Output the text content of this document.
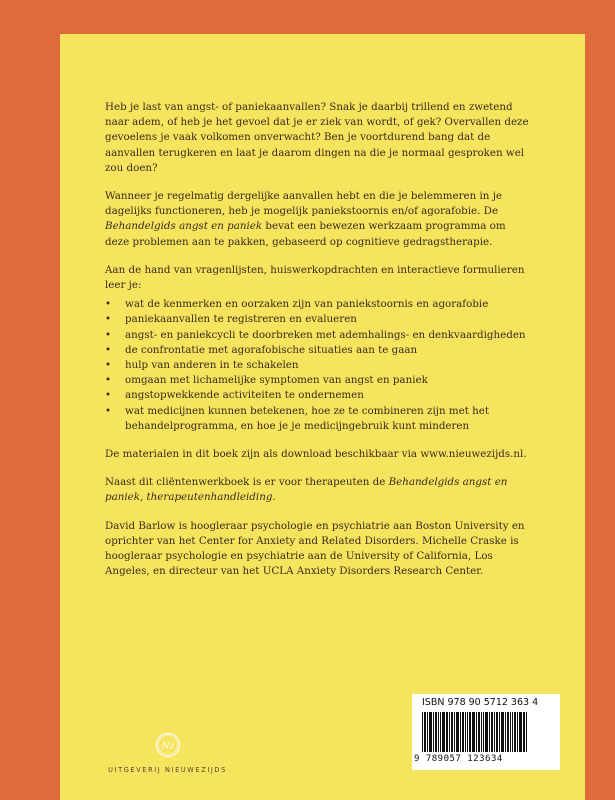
Heb je last van angst- of paniekaanvallen? Snak je daarbij trillend en zwetend naar adem, of heb je het gevoel dat je er ziek van wordt, of gek? Overvallen deze gevoelens je vaak volkomen onverwacht? Ben je voortdurend bang dat de aanvallen terugkeren en laat je daarom dingen na die je normaal gesproken wel zou doen?

Wanneer je regelmatig dergelijke aanvallen hebt en die je belemmeren in je dagelijks functioneren, heb je mogelijk paniekstoornis en/of agorafobie. De Behandelgids angst en paniek bevat een bewezen werkzaam programma om deze problemen aan te pakken, gebaseerd op cognitieve gedragstherapie.

Aan de hand van vragenlijsten, huiswerkopdrachten en interactieve formulieren leer je:

• wat de kenmerken en oorzaken zijn van paniekstoornis en agorafobie
• paniekaanvallen te registreren en evalueren
• angst- en paniekcycli te doorbreken met ademhalings- en denkvaardigheden
• de confrontatie met agorafobische situaties aan te gaan
• hulp van anderen in te schakelen
• omgaan met lichamelijke symptomen van angst en paniek
• angstopwekkende activiteiten te ondernemen
• wat medicijnen kunnen betekenen, hoe ze te combineren zijn met het behandelprogramma, en hoe je je medicijngebruik kunt minderen

De materialen in dit boek zijn als download beschikbaar via www.nieuwezijds.nl.

Naast dit cliëntenwerkboek is er voor therapeuten de Behandelgids angst en paniek, therapeutenhandleiding.

David Barlow is hoogleraar psychologie en psychiatrie aan Boston University en oprichter van het Center for Anxiety and Related Disorders. Michelle Craske is hoogleraar psychologie en psychiatrie aan de University of California, Los Angeles, en directeur van het UCLA Anxiety Disorders Research Center.

ISBN 978 90 5712 363 4
9 789057 123634
Nz
UITGEVERIJ NIEUWEZIJDS
